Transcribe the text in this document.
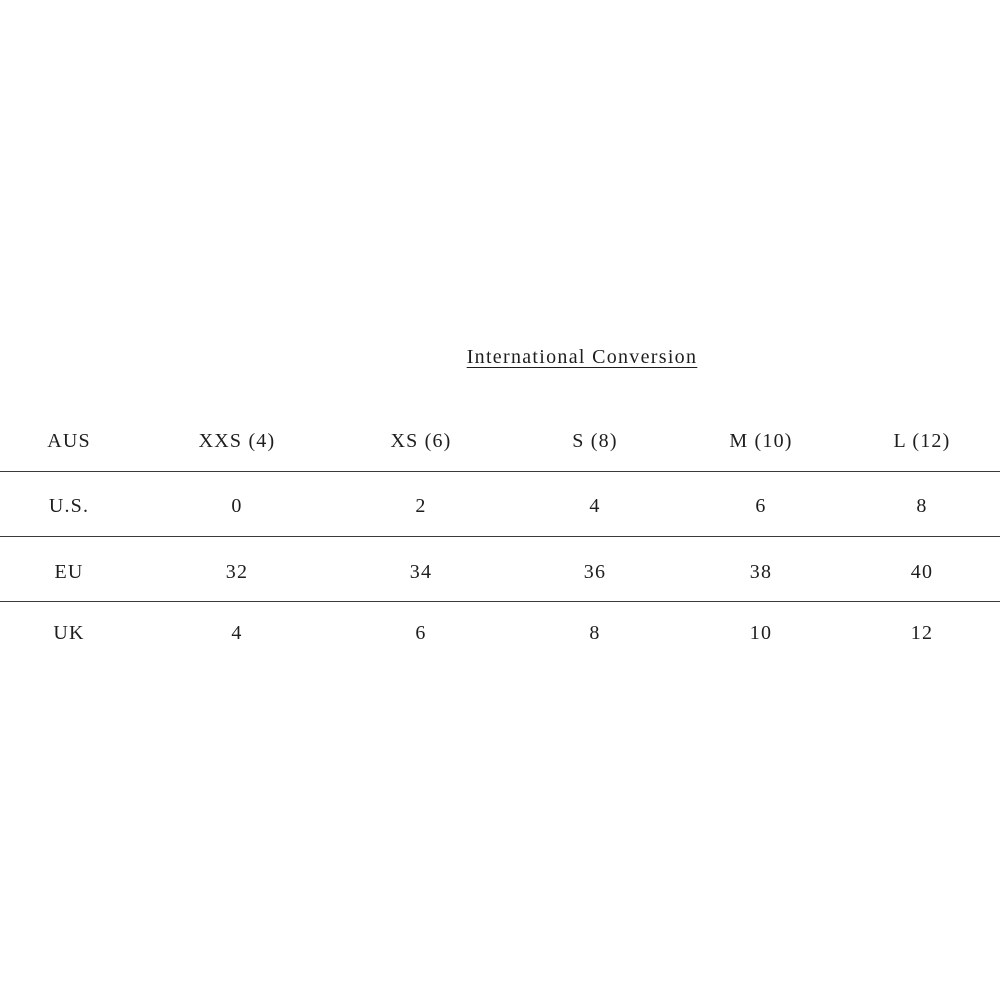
International Conversion
AUS	XXS (4)	XS (6)	S (8)	M (10)	L (12)
U.S.	0	2	4	6	8
EU	32	34	36	38	40
UK	4	6	8	10	12
